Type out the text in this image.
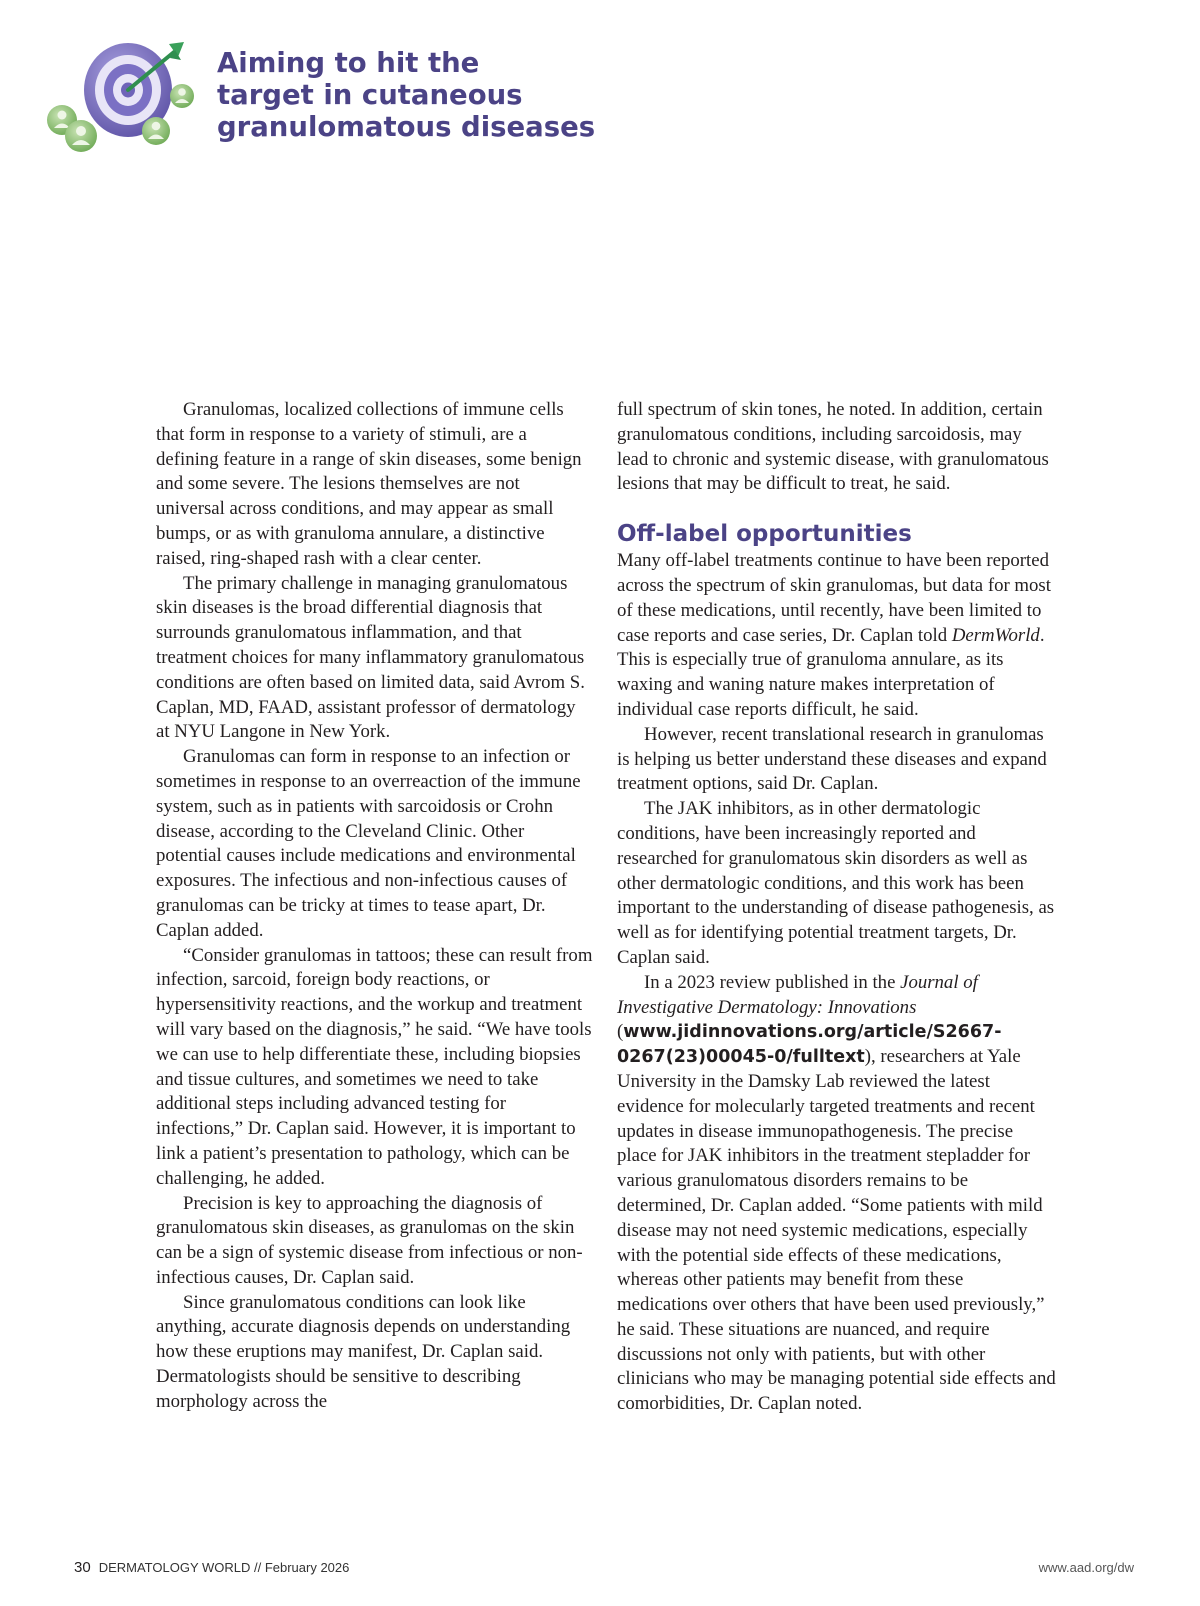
Aiming to hit the
target in cutaneous
granulomatous diseases

Granulomas, localized collections of immune cells that form in response to a variety of stimuli, are a defining feature in a range of skin diseases, some benign and some severe. The lesions themselves are not universal across conditions, and may appear as small bumps, or as with granuloma annulare, a distinctive raised, ring-shaped rash with a clear center.

The primary challenge in managing granulomatous skin diseases is the broad differential diagnosis that surrounds granulomatous inflammation, and that treatment choices for many inflammatory granulomatous conditions are often based on limited data, said Avrom S. Caplan, MD, FAAD, assistant professor of dermatology at NYU Langone in New York.

Granulomas can form in response to an infection or sometimes in response to an overreaction of the immune system, such as in patients with sarcoidosis or Crohn disease, according to the Cleveland Clinic. Other potential causes include medications and environmental exposures. The infectious and non-infectious causes of granulomas can be tricky at times to tease apart, Dr. Caplan added.

“Consider granulomas in tattoos; these can result from infection, sarcoid, foreign body reactions, or hypersensitivity reactions, and the workup and treatment will vary based on the diagnosis,” he said. “We have tools we can use to help differentiate these, including biopsies and tissue cultures, and sometimes we need to take additional steps including advanced testing for infections,” Dr. Caplan said. However, it is important to link a patient’s presentation to pathology, which can be challenging, he added.

Precision is key to approaching the diagnosis of granulomatous skin diseases, as granulomas on the skin can be a sign of systemic disease from infectious or non-infectious causes, Dr. Caplan said.

Since granulomatous conditions can look like anything, accurate diagnosis depends on understanding how these eruptions may manifest, Dr. Caplan said. Dermatologists should be sensitive to describing morphology across the

full spectrum of skin tones, he noted. In addition, certain granulomatous conditions, including sarcoidosis, may lead to chronic and systemic disease, with granulomatous lesions that may be difficult to treat, he said.

Off-label opportunities

Many off-label treatments continue to have been reported across the spectrum of skin granulomas, but data for most of these medications, until recently, have been limited to case reports and case series, Dr. Caplan told DermWorld. This is especially true of granuloma annulare, as its waxing and waning nature makes interpretation of individual case reports difficult, he said.

However, recent translational research in granulomas is helping us better understand these diseases and expand treatment options, said Dr. Caplan.

The JAK inhibitors, as in other dermatologic conditions, have been increasingly reported and researched for granulomatous skin disorders as well as other dermatologic conditions, and this work has been important to the understanding of disease pathogenesis, as well as for identifying potential treatment targets, Dr. Caplan said.

In a 2023 review published in the Journal of Investigative Dermatology: Innovations (www.jidinnovations.org/article/S2667-0267(23)00045-0/fulltext), researchers at Yale University in the Damsky Lab reviewed the latest evidence for molecularly targeted treatments and recent updates in disease immunopathogenesis. The precise place for JAK inhibitors in the treatment stepladder for various granulomatous disorders remains to be determined, Dr. Caplan added. “Some patients with mild disease may not need systemic medications, especially with the potential side effects of these medications, whereas other patients may benefit from these medications over others that have been used previously,” he said. These situations are nuanced, and require discussions not only with patients, but with other clinicians who may be managing potential side effects and comorbidities, Dr. Caplan noted.

30 DERMATOLOGY WORLD // February 2026	www.aad.org/dw
